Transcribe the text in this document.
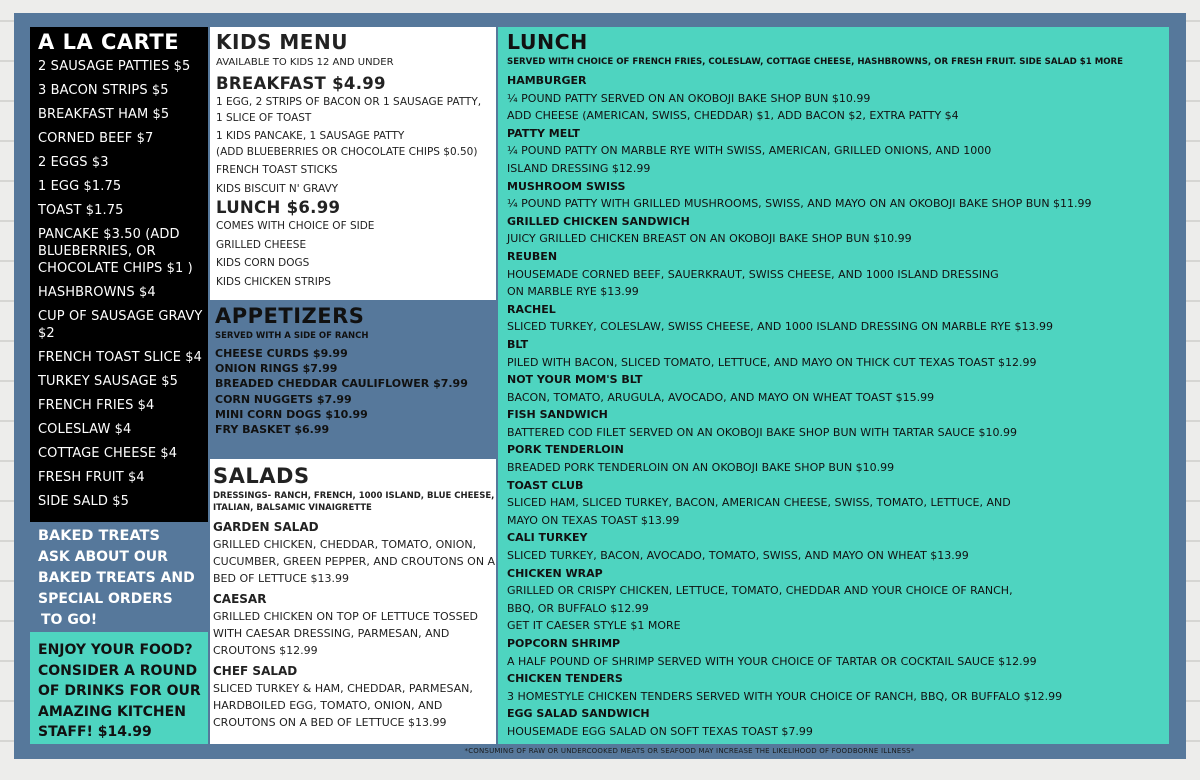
A LA CARTE
2 SAUSAGE PATTIES $5
3 BACON STRIPS $5
BREAKFAST HAM $5
CORNED BEEF $7
2 EGGS $3
1 EGG $1.75
TOAST $1.75
PANCAKE $3.50 (ADD BLUEBERRIES, OR CHOCOLATE CHIPS $1 )
HASHBROWNS $4
CUP OF SAUSAGE GRAVY $2
FRENCH TOAST SLICE $4
TURKEY SAUSAGE $5
FRENCH FRIES $4
COLESLAW $4
COTTAGE CHEESE $4
FRESH FRUIT $4
SIDE SALD $5
BAKED TREATS
ASK ABOUT OUR
BAKED TREATS AND
SPECIAL ORDERS
TO GO!
ENJOY YOUR FOOD?
CONSIDER A ROUND
OF DRINKS FOR OUR
AMAZING KITCHEN
STAFF! $14.99
KIDS MENU
AVAILABLE TO KIDS 12 AND UNDER
BREAKFAST $4.99
1 EGG, 2 STRIPS OF BACON OR 1 SAUSAGE PATTY,
1 SLICE OF TOAST
1 KIDS PANCAKE, 1 SAUSAGE PATTY
(ADD BLUEBERRIES OR CHOCOLATE CHIPS $0.50)
FRENCH TOAST STICKS
KIDS BISCUIT N' GRAVY
LUNCH $6.99
COMES WITH CHOICE OF SIDE
GRILLED CHEESE
KIDS CORN DOGS
KIDS CHICKEN STRIPS
APPETIZERS
SERVED WITH A SIDE OF RANCH
CHEESE CURDS $9.99
ONION RINGS $7.99
BREADED CHEDDAR CAULIFLOWER $7.99
CORN NUGGETS $7.99
MINI CORN DOGS $10.99
FRY BASKET $6.99
SALADS
DRESSINGS- RANCH, FRENCH, 1000 ISLAND, BLUE CHEESE, ITALIAN, BALSAMIC VINAIGRETTE
GARDEN SALAD
GRILLED CHICKEN, CHEDDAR, TOMATO, ONION, CUCUMBER, GREEN PEPPER, AND CROUTONS ON A BED OF LETTUCE $13.99
CAESAR
GRILLED CHICKEN ON TOP OF LETTUCE TOSSED WITH CAESAR DRESSING, PARMESAN, AND CROUTONS $12.99
CHEF SALAD
SLICED TURKEY & HAM, CHEDDAR, PARMESAN, HARDBOILED EGG, TOMATO, ONION, AND CROUTONS ON A BED OF LETTUCE $13.99
LUNCH
SERVED WITH CHOICE OF FRENCH FRIES, COLESLAW, COTTAGE CHEESE, HASHBROWNS, OR FRESH FRUIT. SIDE SALAD $1 MORE
HAMBURGER
¼ POUND PATTY SERVED ON AN OKOBOJI BAKE SHOP BUN $10.99
ADD CHEESE (AMERICAN, SWISS, CHEDDAR) $1, ADD BACON $2, EXTRA PATTY $4
PATTY MELT
¼ POUND PATTY ON MARBLE RYE WITH SWISS, AMERICAN, GRILLED ONIONS, AND 1000
ISLAND DRESSING $12.99
MUSHROOM SWISS
¼ POUND PATTY WITH GRILLED MUSHROOMS, SWISS, AND MAYO ON AN OKOBOJI BAKE SHOP BUN $11.99
GRILLED CHICKEN SANDWICH
JUICY GRILLED CHICKEN BREAST ON AN OKOBOJI BAKE SHOP BUN $10.99
REUBEN
HOUSEMADE CORNED BEEF, SAUERKRAUT, SWISS CHEESE, AND 1000 ISLAND DRESSING
ON MARBLE RYE $13.99
RACHEL
SLICED TURKEY, COLESLAW, SWISS CHEESE, AND 1000 ISLAND DRESSING ON MARBLE RYE $13.99
BLT
PILED WITH BACON, SLICED TOMATO, LETTUCE, AND MAYO ON THICK CUT TEXAS TOAST $12.99
NOT YOUR MOM'S BLT
BACON, TOMATO, ARUGULA, AVOCADO, AND MAYO ON WHEAT TOAST $15.99
FISH SANDWICH
BATTERED COD FILET SERVED ON AN OKOBOJI BAKE SHOP BUN WITH TARTAR SAUCE $10.99
PORK TENDERLOIN
BREADED PORK TENDERLOIN ON AN OKOBOJI BAKE SHOP BUN $10.99
TOAST CLUB
SLICED HAM, SLICED TURKEY, BACON, AMERICAN CHEESE, SWISS, TOMATO, LETTUCE, AND
MAYO ON TEXAS TOAST $13.99
CALI TURKEY
SLICED TURKEY, BACON, AVOCADO, TOMATO, SWISS, AND MAYO ON WHEAT $13.99
CHICKEN WRAP
GRILLED OR CRISPY CHICKEN, LETTUCE, TOMATO, CHEDDAR AND YOUR CHOICE OF RANCH,
BBQ, OR BUFFALO $12.99
GET IT CAESER STYLE $1 MORE
POPCORN SHRIMP
A HALF POUND OF SHRIMP SERVED WITH YOUR CHOICE OF TARTAR OR COCKTAIL SAUCE $12.99
CHICKEN TENDERS
3 HOMESTYLE CHICKEN TENDERS SERVED WITH YOUR CHOICE OF RANCH, BBQ, OR BUFFALO $12.99
EGG SALAD SANDWICH
HOUSEMADE EGG SALAD ON SOFT TEXAS TOAST $7.99
*CONSUMING OF RAW OR UNDERCOOKED MEATS OR SEAFOOD MAY INCREASE THE LIKELIHOOD OF FOODBORNE ILLNESS*
